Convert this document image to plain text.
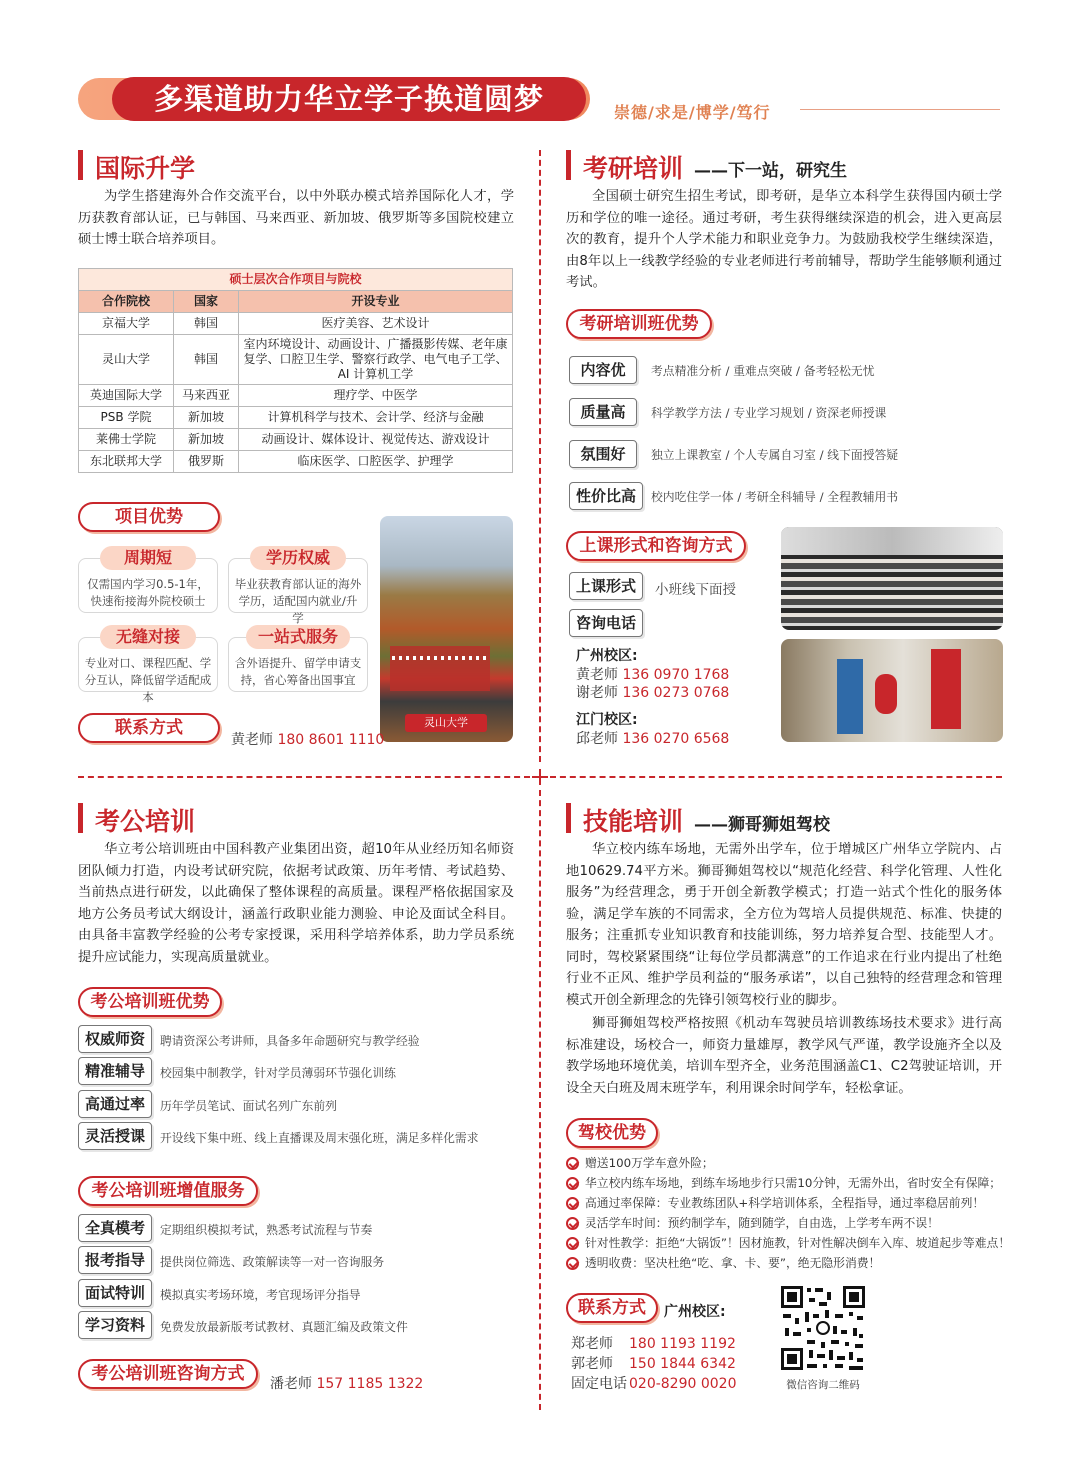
多渠道助力华立学子换道圆梦	崇德/求是/博学/笃行
国际升学
为学生搭建海外合作交流平台，以中外联办模式培养国际化人才，学历获教育部认证，已与韩国、马来西亚、新加坡、俄罗斯等多国院校建立硕士博士联合培养项目。
硕士层次合作项目与院校		
合作院校	国家	开设专业
京福大学	韩国	医疗美容、艺术设计
灵山大学	韩国	室内环境设计、动画设计、广播摄影传媒、老年康复学、口腔卫生学、警察行政学、电气电子工学、AI 计算机工学
英迪国际大学	马来西亚	理疗学、中医学
PSB 学院	新加坡	计算机科学与技术、会计学、经济与金融
莱佛士学院	新加坡	动画设计、媒体设计、视觉传达、游戏设计
东北联邦大学	俄罗斯	临床医学、口腔医学、护理学
项目优势
仅需国内学习0.5-1年，快速衔接海外院校硕士
周期短
毕业获教育部认证的海外学历，适配国内就业/升学
学历权威
专业对口、课程匹配、学分互认，降低留学适配成本
无缝对接
含外语提升、留学申请支持，省心筹备出国事宜
一站式服务
灵山大学
联系方式
黄老师 180 8601 1110
考研培训 ——下一站，研究生
全国硕士研究生招生考试，即考研，是华立本科学生获得国内硕士学历和学位的唯一途径。通过考研，考生获得继续深造的机会，进入更高层次的教育，提升个人学术能力和职业竞争力。为鼓励我校学生继续深造，由8年以上一线教学经验的专业老师进行考前辅导，帮助学生能够顺利通过考试。
考研培训班优势
内容优	考点精准分析 / 重难点突破 / 备考轻松无忧
质量高	科学教学方法 / 专业学习规划 / 资深老师授课
氛围好	独立上课教室 / 个人专属自习室 / 线下面授答疑
性价比高	校内吃住学一体 / 考研全科辅导 / 全程教辅用书
上课形式和咨询方式
上课形式	小班线下面授
咨询电话
广州校区:
黄老师 136 0970 1768
谢老师 136 0273 0768
江门校区:
邱老师 136 0270 6568
考公培训
华立考公培训班由中国科教产业集团出资，超10年从业经历知名师资团队倾力打造，内设考试研究院，依据考试政策、历年考情、考试趋势、当前热点进行研发，以此确保了整体课程的高质量。课程严格依据国家及地方公务员考试大纲设计，涵盖行政职业能力测验、申论及面试全科目。由具备丰富教学经验的公考专家授课，采用科学培养体系，助力学员系统提升应试能力，实现高质量就业。
考公培训班优势
权威师资	聘请资深公考讲师，具备多年命题研究与教学经验
精准辅导	校园集中制教学，针对学员薄弱环节强化训练
高通过率	历年学员笔试、面试名列广东前列
灵活授课	开设线下集中班、线上直播课及周末强化班，满足多样化需求
考公培训班增值服务
全真模考	定期组织模拟考试，熟悉考试流程与节奏
报考指导	提供岗位筛选、政策解读等一对一咨询服务
面试特训	模拟真实考场环境，考官现场评分指导
学习资料	免费发放最新版考试教材、真题汇编及政策文件
考公培训班咨询方式	潘老师 157 1185 1322
技能培训 ——狮哥狮姐驾校
华立校内练车场地，无需外出学车，位于增城区广州华立学院内、占地10629.74平方米。狮哥狮姐驾校以“规范化经营、科学化管理、人性化服务”为经营理念，勇于开创全新教学模式；打造一站式个性化的服务体验，满足学车族的不同需求，全方位为驾培人员提供规范、标准、快捷的服务；注重抓专业知识教育和技能训练，努力培养复合型、技能型人才。同时，驾校紧紧围绕“让每位学员都满意”的工作追求在行业内提出了杜绝行业不正风、维护学员利益的“服务承诺”，以自己独特的经营理念和管理模式开创全新理念的先锋引领驾校行业的脚步。
狮哥狮姐驾校严格按照《机动车驾驶员培训教练场技术要求》进行高标准建设，场校合一，师资力量雄厚，教学风气严谨，教学设施齐全以及教学场地环境优美，培训车型齐全，业务范围涵盖C1、C2驾驶证培训，开设全天白班及周末班学车，利用课余时间学车，轻松拿证。
驾校优势
赠送100万学车意外险；
华立校内练车场地，到练车场地步行只需10分钟，无需外出，省时安全有保障；
高通过率保障：专业教练团队+科学培训体系，全程指导，通过率稳居前列！
灵活学车时间：预约制学车，随到随学，自由选，上学考车两不误！
针对性教学：拒绝“大锅饭”！因材施教，针对性解决倒车入库、坡道起步等难点！
透明收费：坚决杜绝“吃、拿、卡、要”，绝无隐形消费！
联系方式	广州校区:
郑老师 180 1193 1192
郭老师 150 1844 6342
固定电话 020-8290 0020	微信咨询二维码
